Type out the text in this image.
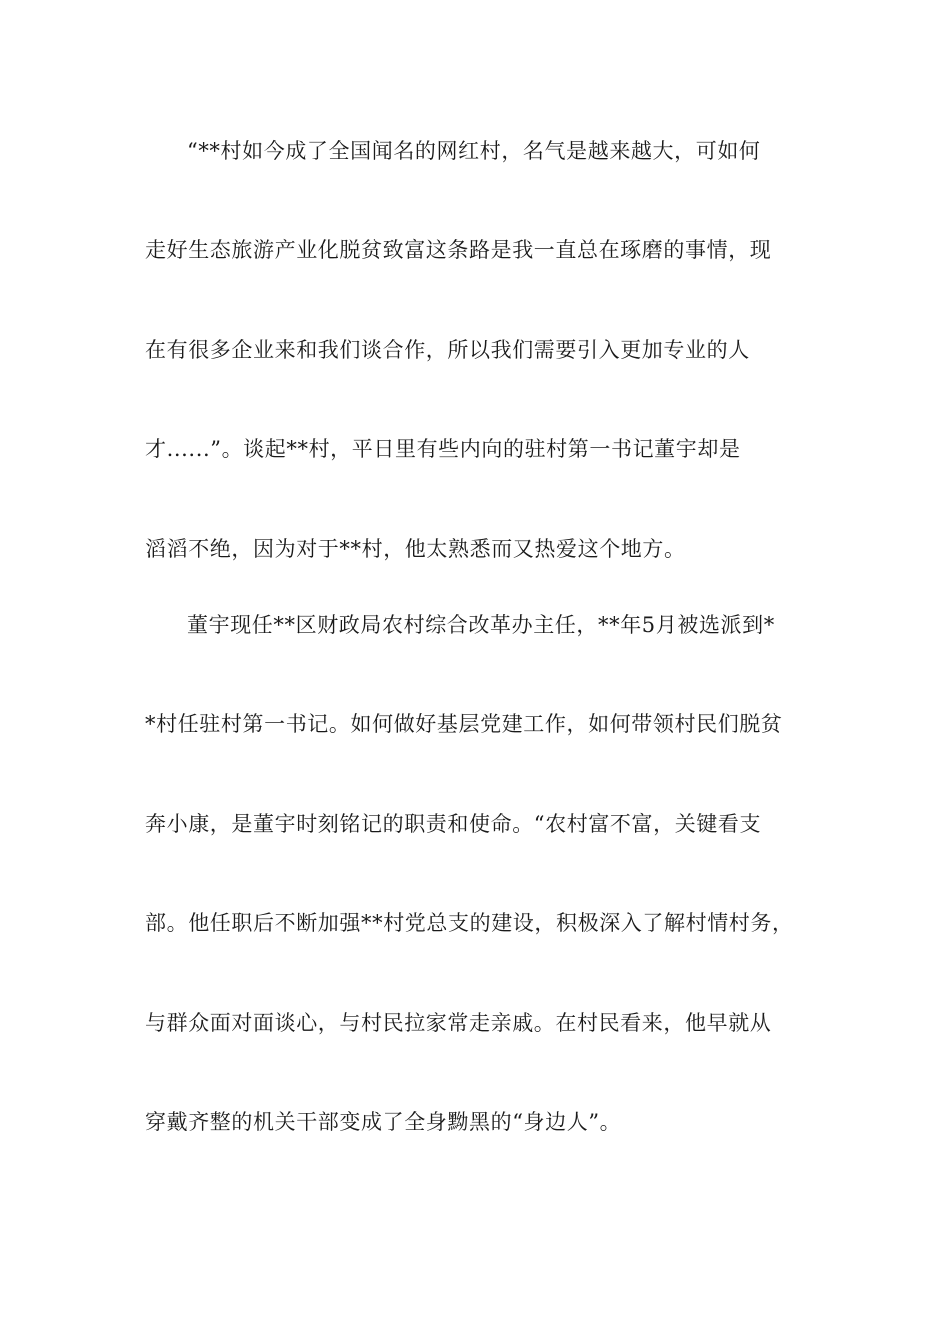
“**村如今成了全国闻名的网红村，名气是越来越大，可如何
走好生态旅游产业化脱贫致富这条路是我一直总在琢磨的事情，现
在有很多企业来和我们谈合作，所以我们需要引入更加专业的人
才......”。谈起**村，平日里有些内向的驻村第一书记董宇却是
滔滔不绝，因为对于**村，他太熟悉而又热爱这个地方。
董宇现任**区财政局农村综合改革办主任，**年5月被选派到*
*村任驻村第一书记。如何做好基层党建工作，如何带领村民们脱贫
奔小康，是董宇时刻铭记的职责和使命。“农村富不富，关键看支
部。他任职后不断加强**村党总支的建设，积极深入了解村情村务，
与群众面对面谈心，与村民拉家常走亲戚。在村民看来，他早就从
穿戴齐整的机关干部变成了全身黝黑的“身边人”。
